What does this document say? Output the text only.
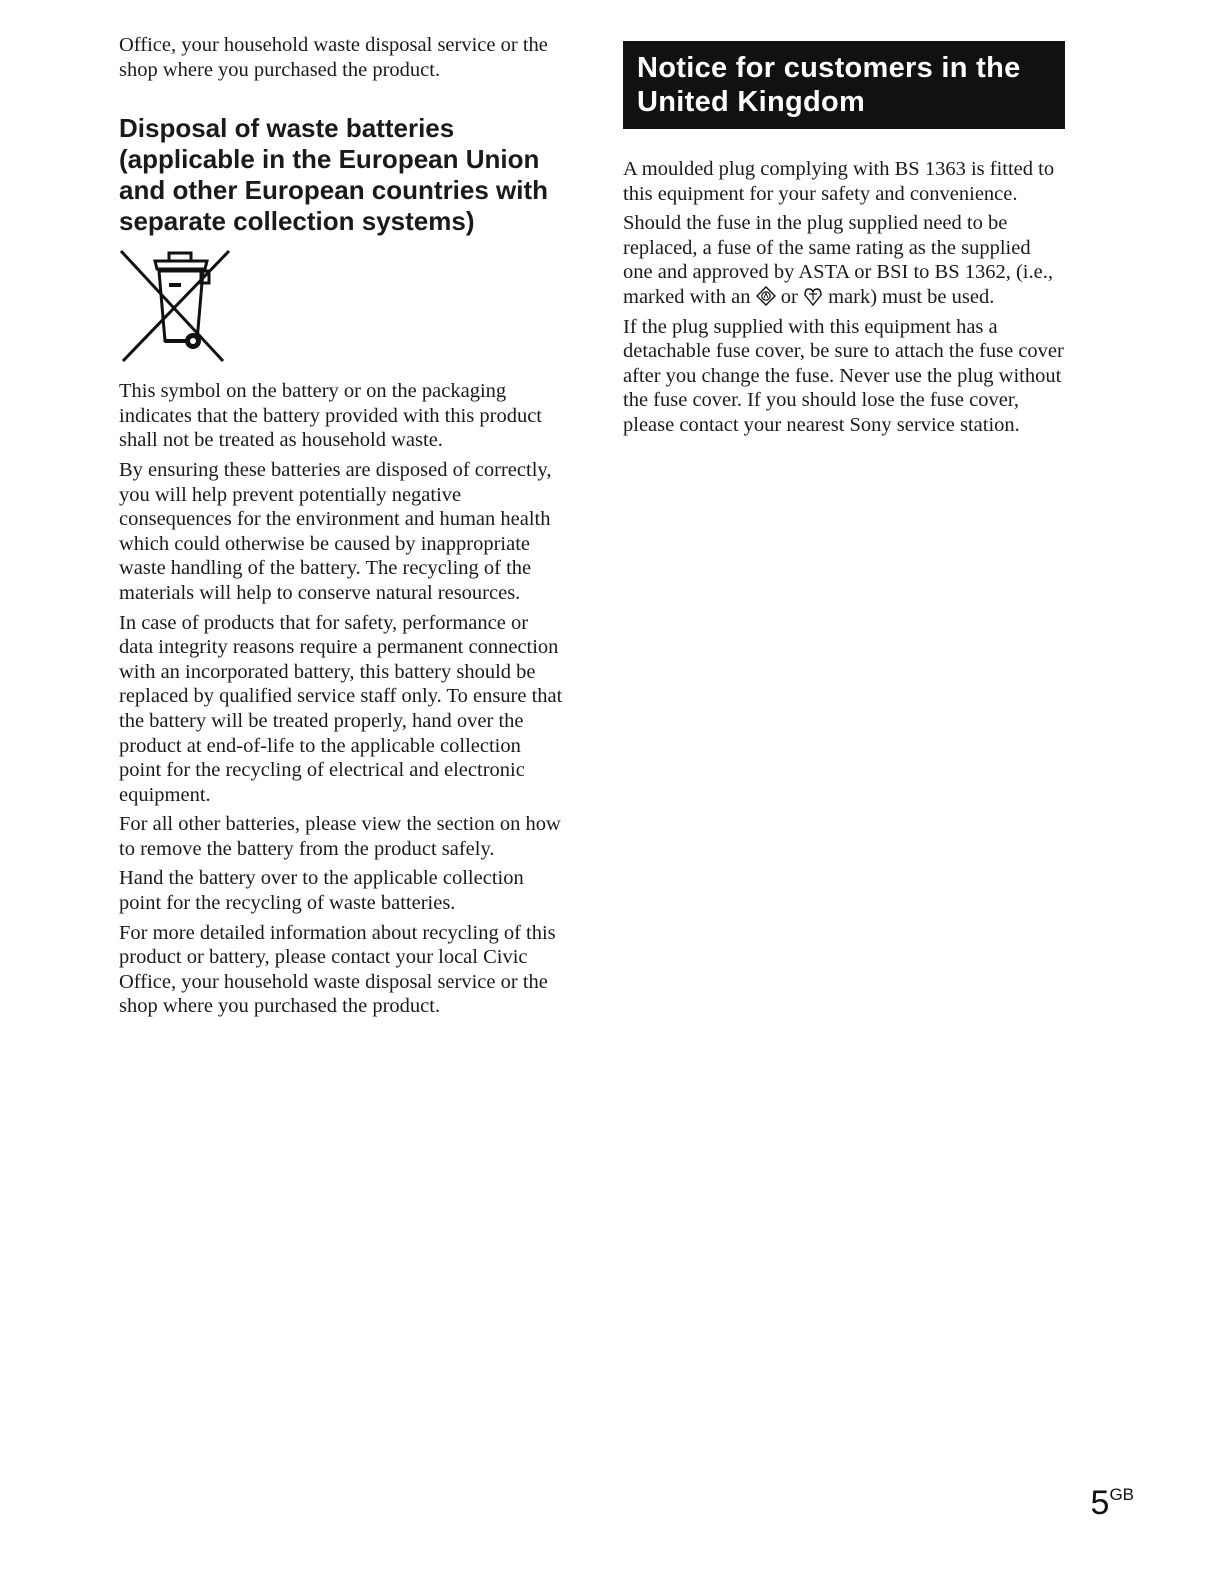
Office, your household waste disposal service or the shop where you purchased the product.

Disposal of waste batteries (applicable in the European Union and other European countries with separate collection systems)

This symbol on the battery or on the packaging indicates that the battery provided with this product shall not be treated as household waste.

By ensuring these batteries are disposed of correctly, you will help prevent potentially negative consequences for the environment and human health which could otherwise be caused by inappropriate waste handling of the battery. The recycling of the materials will help to conserve natural resources.

In case of products that for safety, performance or data integrity reasons require a permanent connection with an incorporated battery, this battery should be replaced by qualified service staff only. To ensure that the battery will be treated properly, hand over the product at end-of-life to the applicable collection point for the recycling of electrical and electronic equipment.

For all other batteries, please view the section on how to remove the battery from the product safely.

Hand the battery over to the applicable collection point for the recycling of waste batteries.

For more detailed information about recycling of this product or battery, please contact your local Civic Office, your household waste disposal service or the shop where you purchased the product.

Notice for customers in the
United Kingdom

A moulded plug complying with BS 1363 is fitted to this equipment for your safety and convenience.

Should the fuse in the plug supplied need to be replaced, a fuse of the same rating as the supplied one and approved by ASTA or BSI to BS 1362, (i.e., marked with an or mark) must be used.

If the plug supplied with this equipment has a detachable fuse cover, be sure to attach the fuse cover after you change the fuse. Never use the plug without the fuse cover. If you should lose the fuse cover, please contact your nearest Sony service station.

$5^{GB}$
